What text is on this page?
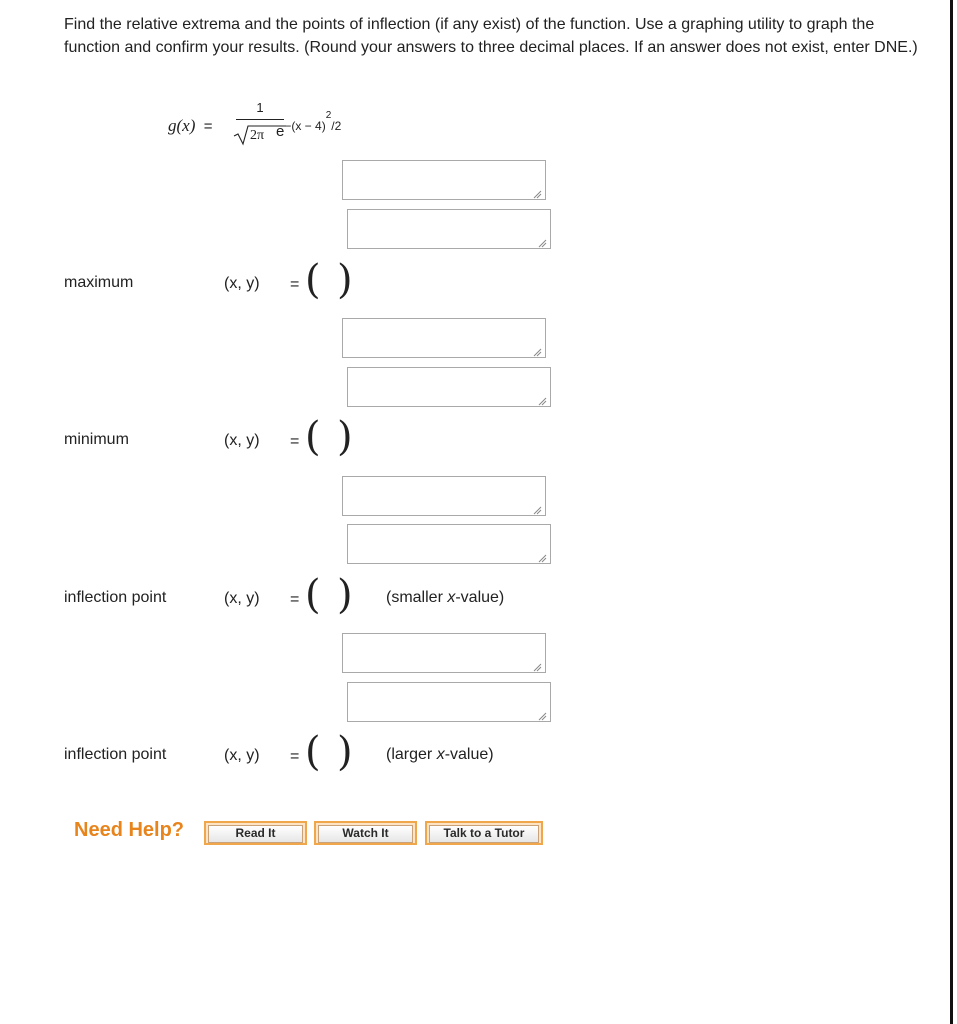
Find the relative extrema and the points of inflection (if any exist) of the function. Use a graphing utility to graph the function and confirm your results. (Round your answers to three decimal places. If an answer does not exist, enter DNE.)
g(x) =
1
2π $e^{-(x - 4)^2/2}$
maximum	(x, y) = ( )
minimum	(x, y) = ( )
inflection point	(x, y) = ( ) (smaller x-value)
inflection point	(x, y) = ( ) (larger x-value)
Need Help?	Read It	Watch It	Talk to a Tutor
